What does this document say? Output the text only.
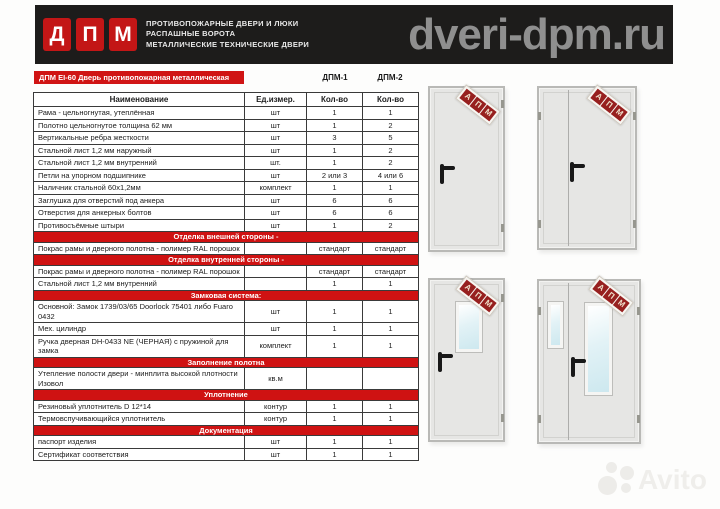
Д П М	ПРОТИВОПОЖАРНЫЕ ДВЕРИ И ЛЮКИ
РАСПАШНЫЕ ВОРОТА
МЕТАЛЛИЧЕСКИЕ ТЕХНИЧЕСКИЕ ДВЕРИ dveri-dpm.ru
ДПМ EI-60 Дверь противопожарная металлическая	ДПМ-1	ДПМ-2
Наименование	Ед.измер.	Кол-во	Кол-во
Рама - цельногнутая, утеплённая	шт	1	1
Полотно цельногнутое толщина 62 мм	шт	1	2
Вертикальные ребра жесткости	шт	3	5
Стальной лист 1,2 мм наружный	шт	1	2
Стальной лист 1,2 мм внутренний	шт.	1	2
Петли на упорном подшипнике	шт	2 или 3	4 или 6
Наличник стальной 60х1,2мм	комплект	1	1
Заглушка для отверстий под анкера	шт	6	6
Отверстия для анкерных болтов	шт	6	6
Противосъёмные штыри	шт	1	2
Отделка внешней стороны -			
Покрас рамы и дверного полотна - полимер RAL порошок		стандарт	стандарт
Отделка внутренней стороны -			
Покрас рамы и дверного полотна - полимер RAL порошок		стандарт	стандарт
Стальной лист 1,2 мм внутренний		1	1
Замковая система:			
Основной: Замок 1739/03/65 Doorlock 75401 либо Fuaro 0432	шт	1	1
Мех. цилиндр	шт	1	1
Ручка дверная DH-0433 NE (ЧЕРНАЯ) с пружиной для замка	комплект	1	1
Заполнение полотна			
Утепление полости двери - минплита высокой плотности Изовол	кв.м		
Уплотнение			
Резиновый уплотнитель D 12*14	контур	1	1
Термовспучивающийся уплотнитель	контур	1	1
Документация			
паспорт изделия	шт	1	1
Сертификат соответствия	шт	1	1
А
П
М
А
П
М
А
П
М
А
П
М
Avito
